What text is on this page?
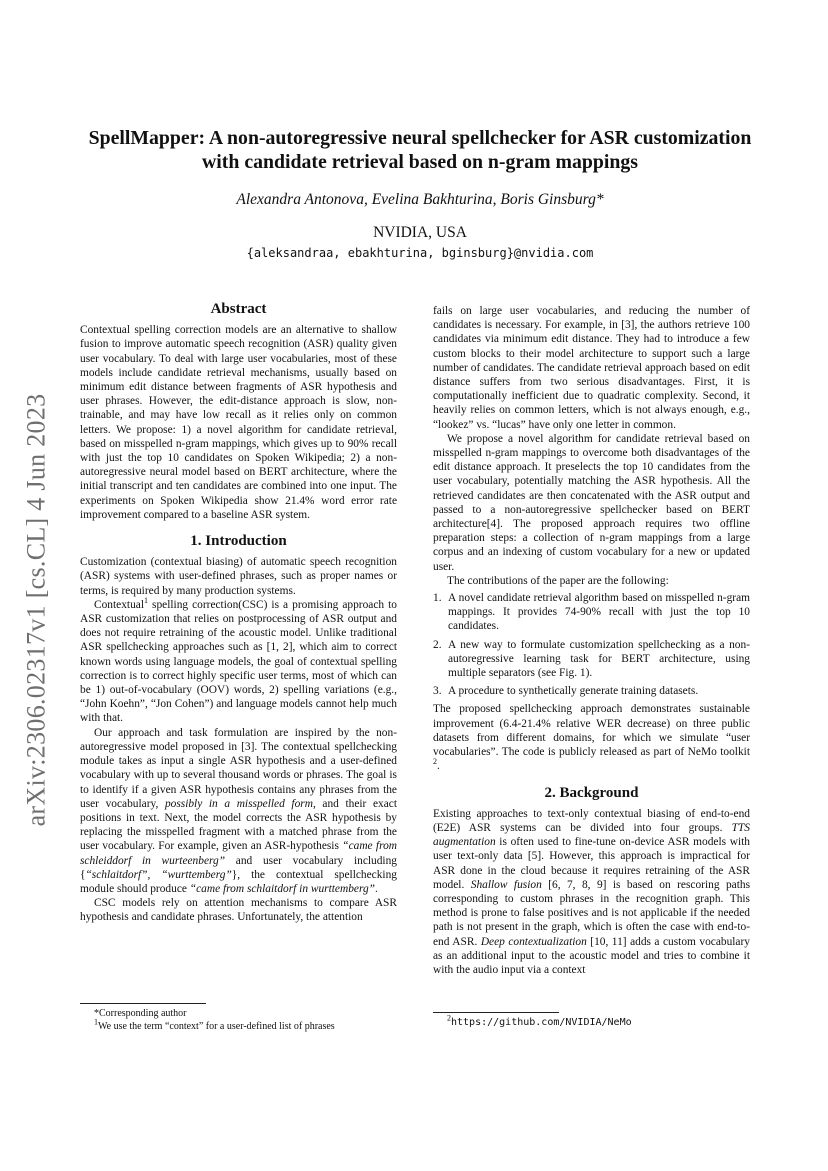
arXiv:2306.02317v1 [cs.CL] 4 Jun 2023
SpellMapper: A non-autoregressive neural spellchecker for ASR customization with candidate retrieval based on n-gram mappings
Alexandra Antonova, Evelina Bakhturina, Boris Ginsburg*
NVIDIA, USA
{aleksandraa, ebakhturina, bginsburg}@nvidia.com
Abstract

Contextual spelling correction models are an alternative to shallow fusion to improve automatic speech recognition (ASR) quality given user vocabulary. To deal with large user vocabularies, most of these models include candidate retrieval mechanisms, usually based on minimum edit distance between fragments of ASR hypothesis and user phrases. However, the edit-distance approach is slow, non-trainable, and may have low recall as it relies only on common letters. We propose: 1) a novel algorithm for candidate retrieval, based on misspelled n-gram mappings, which gives up to 90% recall with just the top 10 candidates on Spoken Wikipedia; 2) a non-autoregressive neural model based on BERT architecture, where the initial transcript and ten candidates are combined into one input. The experiments on Spoken Wikipedia show 21.4% word error rate improvement compared to a baseline ASR system.

1. Introduction

Customization (contextual biasing) of automatic speech recognition (ASR) systems with user-defined phrases, such as proper names or terms, is required by many production systems.

Contextual$^1$ spelling correction(CSC) is a promising approach to ASR customization that relies on postprocessing of ASR output and does not require retraining of the acoustic model. Unlike traditional ASR spellchecking approaches such as [1, 2], which aim to correct known words using language models, the goal of contextual spelling correction is to correct highly specific user terms, most of which can be 1) out-of-vocabulary (OOV) words, 2) spelling variations (e.g., “John Koehn”, “Jon Cohen”) and language models cannot help much with that.

Our approach and task formulation are inspired by the non-autoregressive model proposed in [3]. The contextual spellchecking module takes as input a single ASR hypothesis and a user-defined vocabulary with up to several thousand words or phrases. The goal is to identify if a given ASR hypothesis contains any phrases from the user vocabulary, possibly in a misspelled form, and their exact positions in text. Next, the model corrects the ASR hypothesis by replacing the misspelled fragment with a matched phrase from the user vocabulary. For example, given an ASR-hypothesis “came from schleiddorf in wurteenberg” and user vocabulary including {“schlaitdorf”, “wurttemberg”}, the contextual spellchecking module should produce “came from schlaitdorf in wurttemberg”.

CSC models rely on attention mechanisms to compare ASR hypothesis and candidate phrases. Unfortunately, the attention

*Corresponding author
$^1$We use the term “context” for a user-defined list of phrases

fails on large user vocabularies, and reducing the number of candidates is necessary. For example, in [3], the authors retrieve 100 candidates via minimum edit distance. They had to introduce a few custom blocks to their model architecture to support such a large number of candidates. The candidate retrieval approach based on edit distance suffers from two serious disadvantages. First, it is computationally inefficient due to quadratic complexity. Second, it heavily relies on common letters, which is not always enough, e.g., “lookez” vs. “lucas” have only one letter in common.

We propose a novel algorithm for candidate retrieval based on misspelled n-gram mappings to overcome both disadvantages of the edit distance approach. It preselects the top 10 candidates from the user vocabulary, potentially matching the ASR hypothesis. All the retrieved candidates are then concatenated with the ASR output and passed to a non-autoregressive spellchecker based on BERT architecture[4]. The proposed approach requires two offline preparation steps: a collection of n-gram mappings from a large corpus and an indexing of custom vocabulary for a new or updated user.

The contributions of the paper are the following:

1. A novel candidate retrieval algorithm based on misspelled n-gram mappings. It provides 74-90% recall with just the top 10 candidates.
2. A new way to formulate customization spellchecking as a non-autoregressive learning task for BERT architecture, using multiple separators (see Fig. 1).
3. A procedure to synthetically generate training datasets.

The proposed spellchecking approach demonstrates sustainable improvement (6.4-21.4% relative WER decrease) on three public datasets from different domains, for which we simulate “user vocabularies”. The code is publicly released as part of NeMo toolkit $^2$.

2. Background

Existing approaches to text-only contextual biasing of end-to-end (E2E) ASR systems can be divided into four groups. TTS augmentation is often used to fine-tune on-device ASR models with user text-only data [5]. However, this approach is impractical for ASR done in the cloud because it requires retraining of the ASR model. Shallow fusion [6, 7, 8, 9] is based on rescoring paths corresponding to custom phrases in the recognition graph. This method is prone to false positives and is not applicable if the needed path is not present in the graph, which is often the case with end-to-end ASR. Deep contextualization [10, 11] adds a custom vocabulary as an additional input to the acoustic model and tries to combine it with the audio input via a context

$^2$https://github.com/NVIDIA/NeMo
